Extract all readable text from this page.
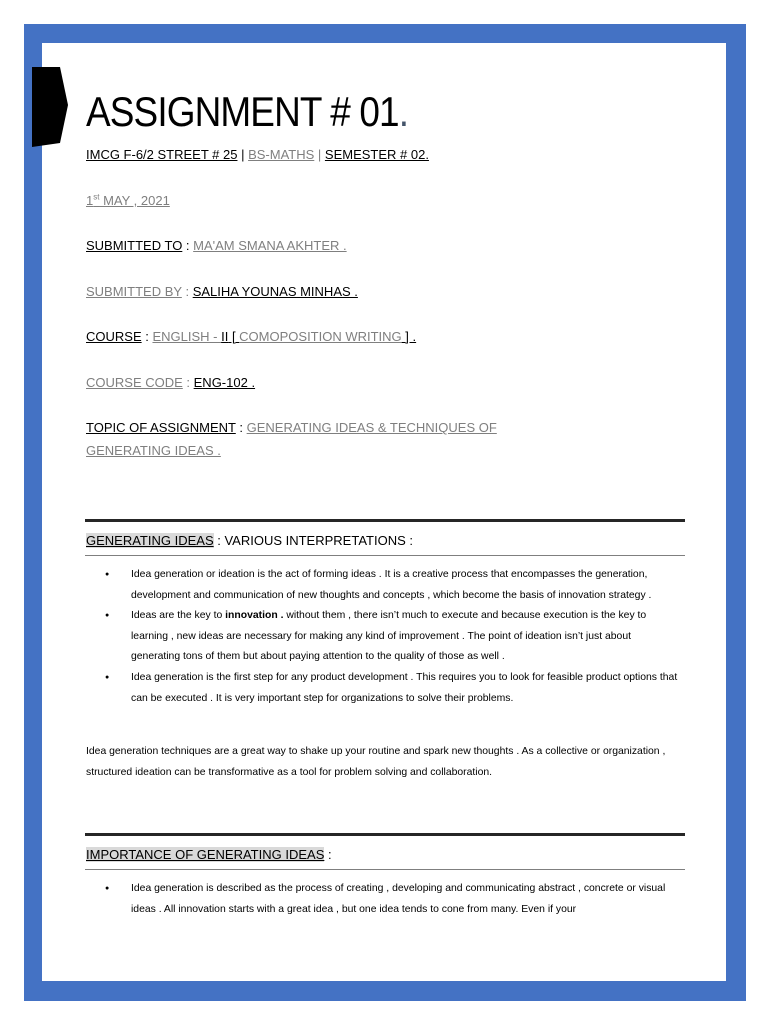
ASSIGNMENT # 01.
IMCG F-6/2 STREET # 25 | BS-MATHS | SEMESTER # 02.
1st MAY , 2021
SUBMITTED TO : MA'AM SMANA AKHTER .
SUBMITTED BY : SALIHA YOUNAS MINHAS .
COURSE : ENGLISH - II [ COMOPOSITION WRITING ] .
COURSE CODE : ENG-102 .
TOPIC OF ASSIGNMENT : GENERATING IDEAS & TECHNIQUES OF
GENERATING IDEAS .
GENERATING IDEAS : VARIOUS INTERPRETATIONS :
● Idea generation or ideation is the act of forming ideas . It is a creative process that encompasses the generation, development and communication of new thoughts and concepts , which become the basis of innovation strategy .
● Ideas are the key to innovation . without them , there isn’t much to execute and because execution is the key to learning , new ideas are necessary for making any kind of improvement . The point of ideation isn’t just about generating tons of them but about paying attention to the quality of those as well .
● Idea generation is the first step for any product development . This requires you to look for feasible product options that can be executed . It is very important step for organizations to solve their problems.
Idea generation techniques are a great way to shake up your routine and spark new thoughts . As a collective or organization , structured ideation can be transformative as a tool for problem solving and collaboration.
IMPORTANCE OF GENERATING IDEAS :
● Idea generation is described as the process of creating , developing and communicating abstract , concrete or visual ideas . All innovation starts with a great idea , but one idea tends to cone from many. Even if your
